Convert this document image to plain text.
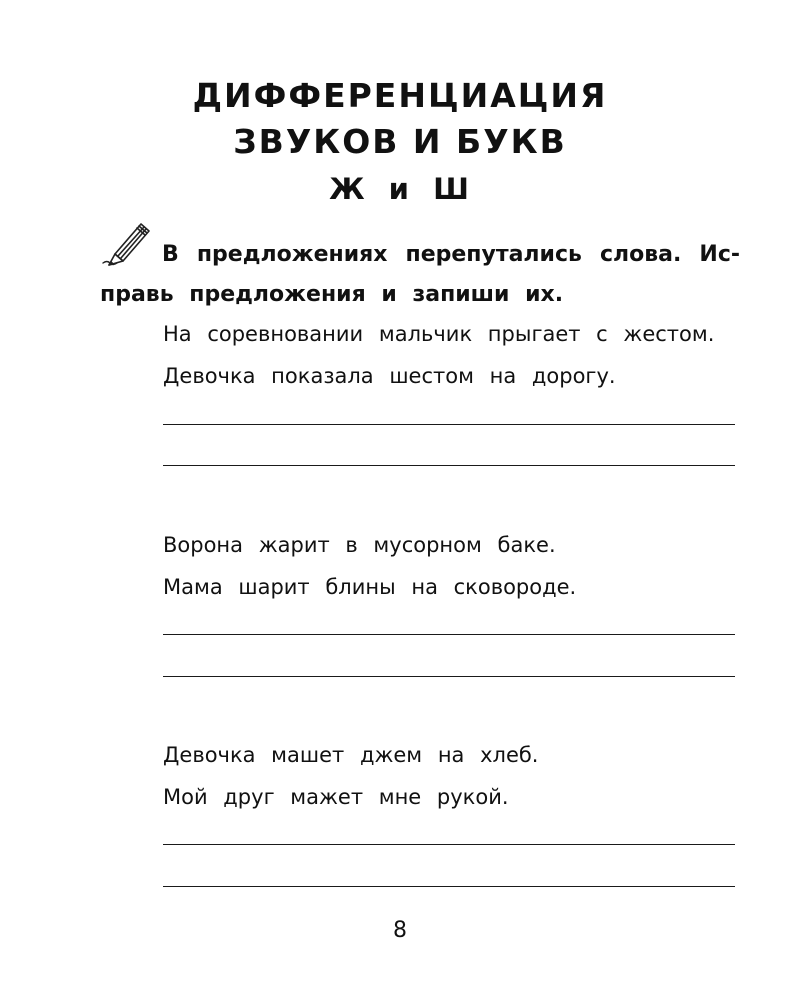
ДИФФЕРЕНЦИАЦИЯ
ЗВУКОВ И БУКВ
Ж и Ш

В предложениях перепутались слова. Ис-
правь предложения и запиши их.

На соревновании мальчик прыгает с жестом.

Девочка показала шестом на дорогу.

Ворона жарит в мусорном баке.

Мама шарит блины на сковороде.

Девочка машет джем на хлеб.

Мой друг мажет мне рукой.

8
